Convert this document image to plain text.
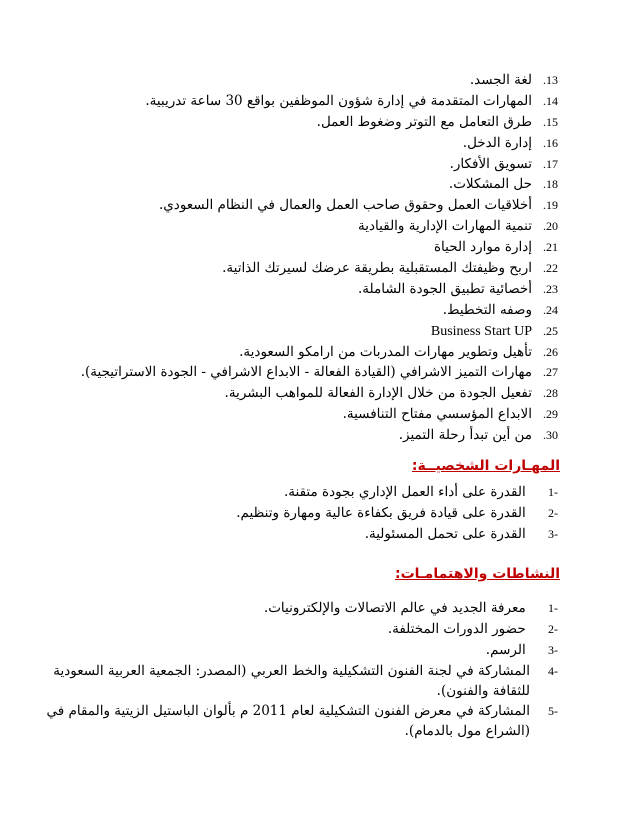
13.لغة الجسد.
14.المهارات المتقدمة في إدارة شؤون الموظفين بواقع 30 ساعة تدريبية.
15.طرق التعامل مع التوتر وضغوط العمل.
16.إدارة الدخل.
17.تسويق الأفكار.
18.حل المشكلات.
19.أخلاقيات العمل وحقوق صاحب العمل والعمال في النظام السعودي.
20.تنمية المهارات الإدارية والقيادية
21.إدارة موارد الحياة
22.اربح وظيفتك المستقبلية بطريقة عرضك لسيرتك الذاتية.
23.أخصائية تطبيق الجودة الشاملة.
24.وصفه التخطيط.
25.Business Start UP
26.تأهيل وتطوير مهارات المدربات من ارامكو السعودية.
27.مهارات التميز الاشرافي (القيادة الفعالة - الابداع الاشرافي - الجودة الاستراتيجية).
28.تفعيل الجودة من خلال الإدارة الفعالة للمواهب البشرية.
29.الابداع المؤسسي مفتاح التنافسية.
30.من أين تبدأ رحلة التميز.
المهـارات الشخصيــة:
-1 القدرة على أداء العمل الإداري بجودة متقنة.
-2 القدرة على قيادة فريق بكفاءة عالية ومهارة وتنظيم.
-3 القدرة على تحمل المسئولية.
النشاطات والاهتمامـات:
-1 معرفة الجديد في عالم الاتصالات والإلكترونيات.
-2 حضور الدورات المختلفة.
-3 الرسم.
-4
المشاركة في لجنة الفنون التشكيلية والخط العربي (المصدر: الجمعية العربية السعودية للثقافة والفنون).
-5
المشاركة في معرض الفنون التشكيلية لعام 2011 م بألوان الباستيل الزيتية والمقام في (الشراع مول بالدمام).
